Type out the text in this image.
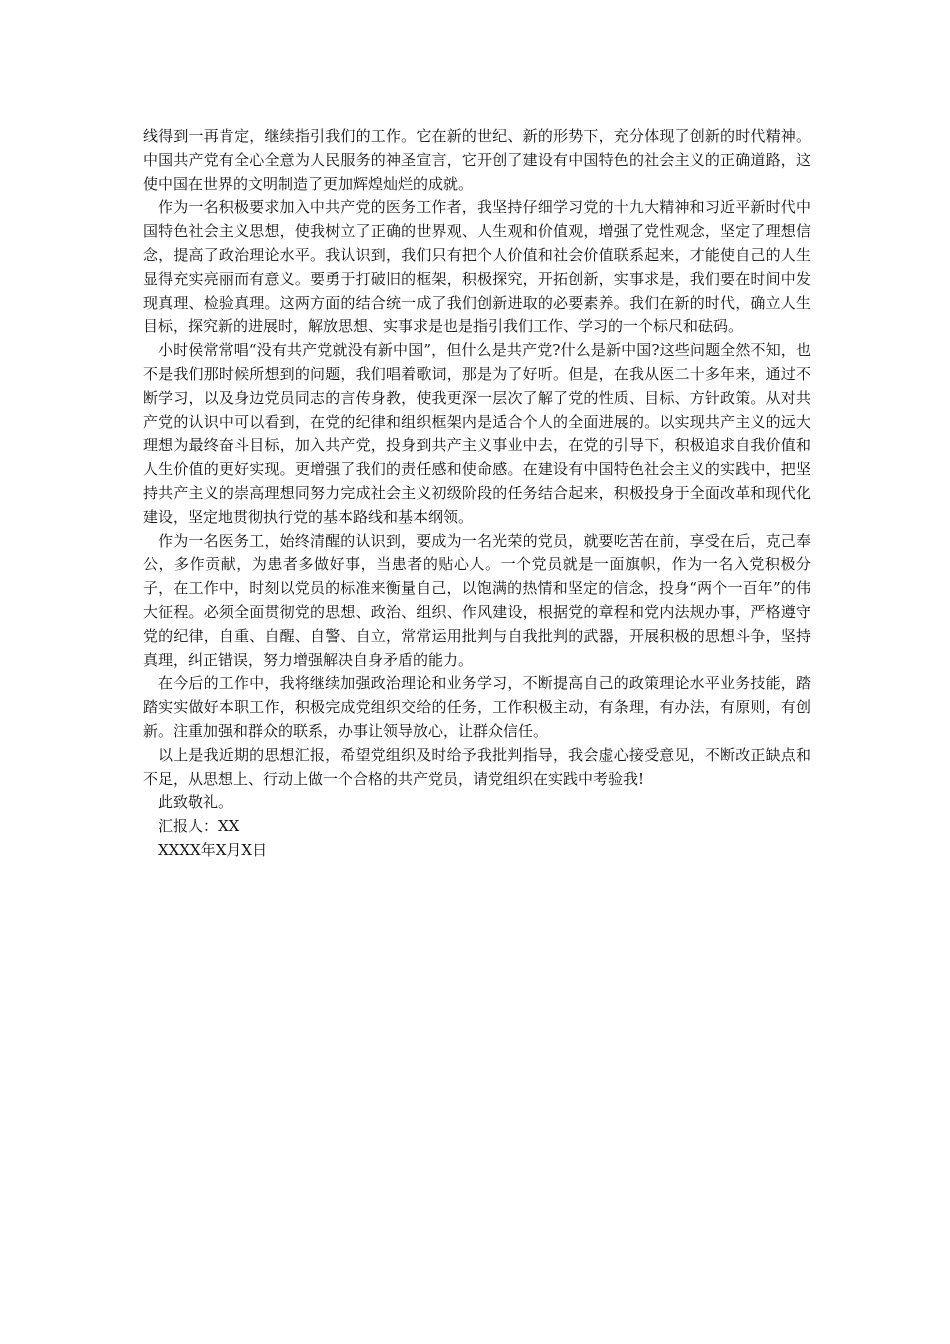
线得到一再肯定，继续指引我们的工作。它在新的世纪、新的形势下，充分体现了创新的时代精神。中国共产党有全心全意为人民服务的神圣宣言，它开创了建设有中国特色的社会主义的正确道路，这使中国在世界的文明制造了更加辉煌灿烂的成就。

作为一名积极要求加入中共产党的医务工作者，我坚持仔细学习党的十九大精神和习近平新时代中国特色社会主义思想，使我树立了正确的世界观、人生观和价值观，增强了党性观念，坚定了理想信念，提高了政治理论水平。我认识到，我们只有把个人价值和社会价值联系起来，才能使自己的人生显得充实亮丽而有意义。要勇于打破旧的框架，积极探究，开拓创新，实事求是，我们要在时间中发现真理、检验真理。这两方面的结合统一成了我们创新进取的必要素养。我们在新的时代，确立人生目标，探究新的进展时，解放思想、实事求是也是指引我们工作、学习的一个标尺和砝码。

小时侯常常唱“没有共产党就没有新中国”，但什么是共产党?什么是新中国?这些问题全然不知，也不是我们那时候所想到的问题，我们唱着歌词，那是为了好听。但是，在我从医二十多年来，通过不断学习，以及身边党员同志的言传身教，使我更深一层次了解了党的性质、目标、方针政策。从对共产党的认识中可以看到，在党的纪律和组织框架内是适合个人的全面进展的。以实现共产主义的远大理想为最终奋斗目标，加入共产党，投身到共产主义事业中去，在党的引导下，积极追求自我价值和人生价值的更好实现。更增强了我们的责任感和使命感。在建设有中国特色社会主义的实践中，把坚持共产主义的崇高理想同努力完成社会主义初级阶段的任务结合起来，积极投身于全面改革和现代化建设，坚定地贯彻执行党的基本路线和基本纲领。

作为一名医务工，始终清醒的认识到，要成为一名光荣的党员，就要吃苦在前，享受在后，克己奉公，多作贡献，为患者多做好事，当患者的贴心人。一个党员就是一面旗帜，作为一名入党积极分子，在工作中，时刻以党员的标准来衡量自己，以饱满的热情和坚定的信念，投身“两个一百年”的伟大征程。必须全面贯彻党的思想、政治、组织、作风建设，根据党的章程和党内法规办事，严格遵守党的纪律，自重、自醒、自警、自立，常常运用批判与自我批判的武器，开展积极的思想斗争，坚持真理，纠正错误，努力增强解决自身矛盾的能力。

在今后的工作中，我将继续加强政治理论和业务学习，不断提高自己的政策理论水平业务技能，踏踏实实做好本职工作，积极完成党组织交给的任务，工作积极主动，有条理，有办法，有原则，有创新。注重加强和群众的联系，办事让领导放心，让群众信任。

以上是我近期的思想汇报，希望党组织及时给予我批判指导，我会虚心接受意见，不断改正缺点和不足，从思想上、行动上做一个合格的共产党员，请党组织在实践中考验我!

此致敬礼。

汇报人：XX

XXXX年X月X日
